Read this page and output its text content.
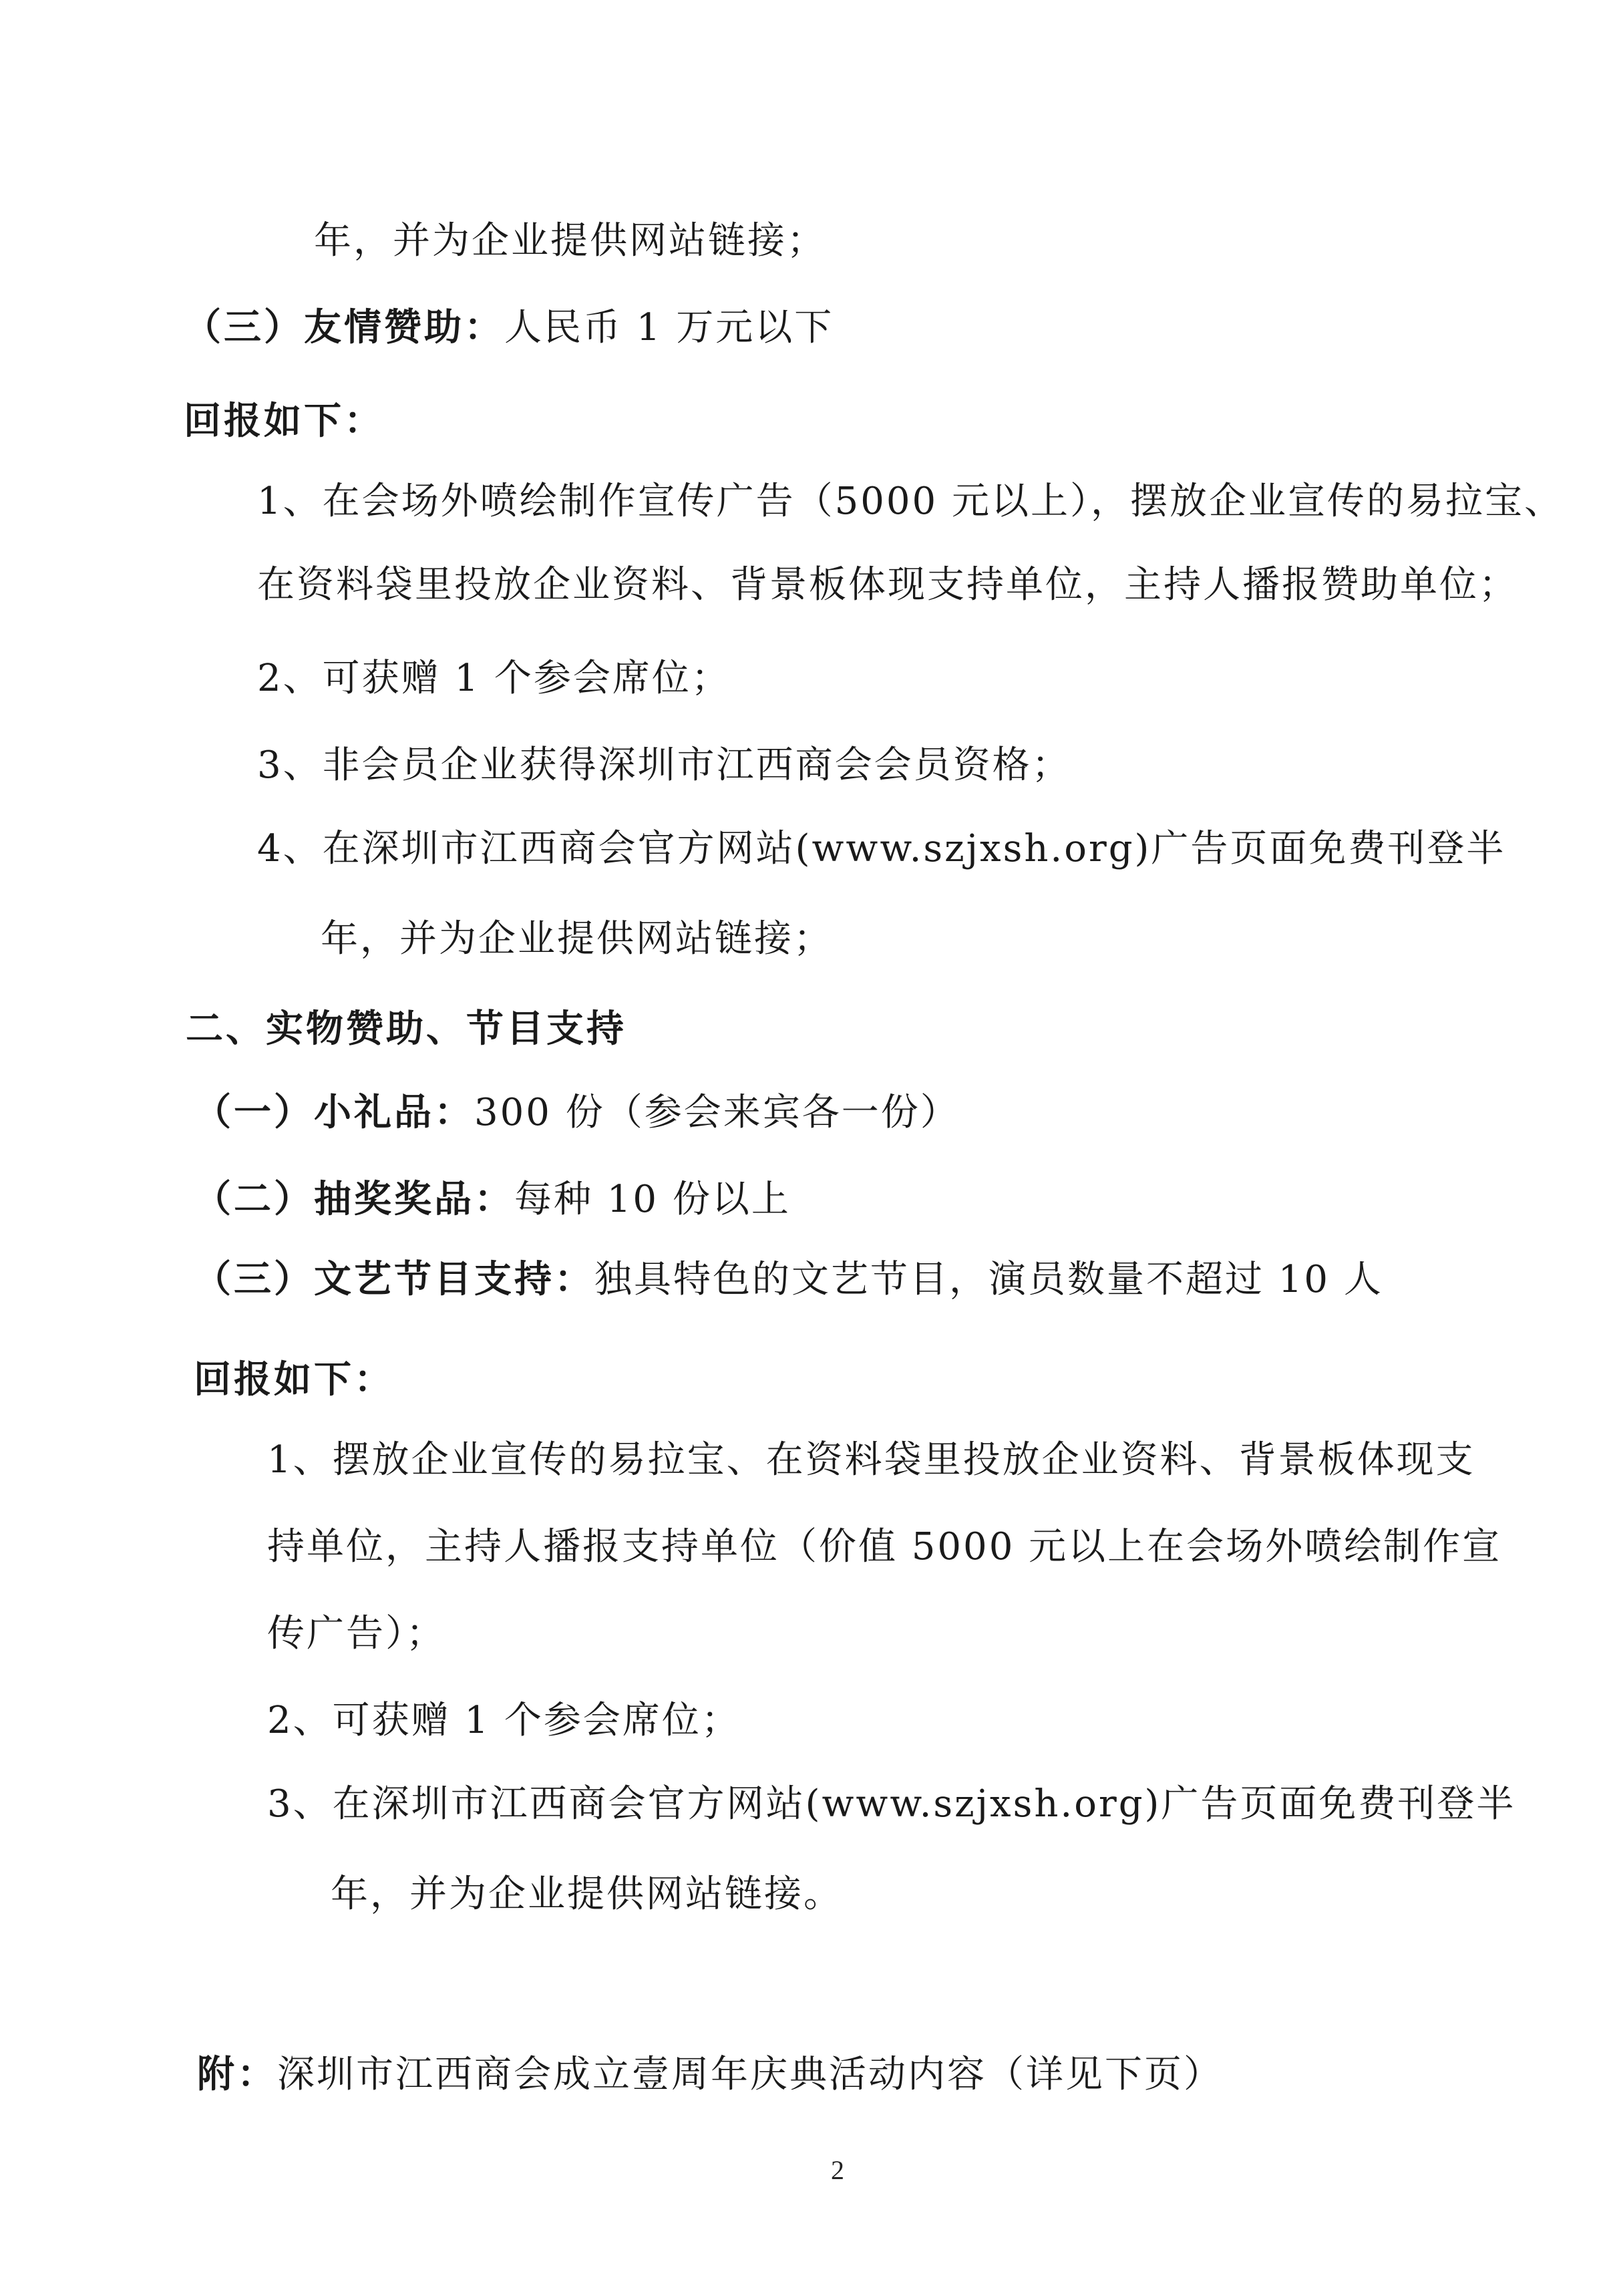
年，并为企业提供网站链接；
（三）友情赞助：人民币 1 万元以下
回报如下：
1、在会场外喷绘制作宣传广告（5000 元以上），摆放企业宣传的易拉宝、
在资料袋里投放企业资料、背景板体现支持单位，主持人播报赞助单位；
2、可获赠 1 个参会席位；
3、非会员企业获得深圳市江西商会会员资格；
4、在深圳市江西商会官方网站(www.szjxsh.org)广告页面免费刊登半
年，并为企业提供网站链接；
二、实物赞助、节目支持
（一）小礼品：300 份（参会来宾各一份）
（二）抽奖奖品：每种 10 份以上
（三）文艺节目支持：独具特色的文艺节目，演员数量不超过 10 人
回报如下：
1、摆放企业宣传的易拉宝、在资料袋里投放企业资料、背景板体现支
持单位，主持人播报支持单位（价值 5000 元以上在会场外喷绘制作宣
传广告）；
2、可获赠 1 个参会席位；
3、在深圳市江西商会官方网站(www.szjxsh.org)广告页面免费刊登半
年，并为企业提供网站链接。
附：深圳市江西商会成立壹周年庆典活动内容（详见下页）
2
